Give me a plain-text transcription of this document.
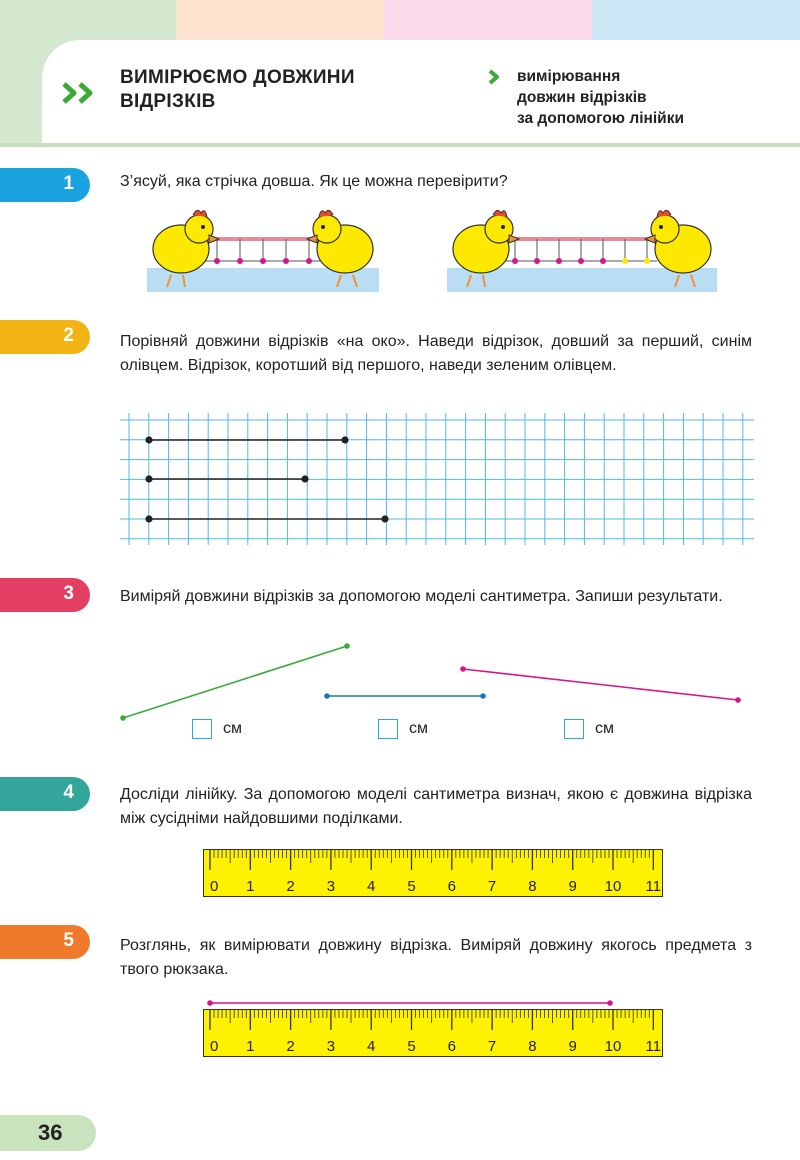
ВИМІРЮЄМО ДОВЖИНИ
ВІДРІЗКІВ
вимірювання
довжин відрізків
за допомогою лінійки
1	З’ясуй, яка стрічка довша. Як це можна перевірити?
2	Порівняй довжини відрізків «на око». Наведи відрізок, довший за перший, синім олівцем. Відрізок, коротший від першого, наведи зеленим олівцем.
3	Виміряй довжини відрізків за допомогою моделі сантиметра. Запиши результати.
см	см	см
4	Досліди лінійку. За допомогою моделі сантиметра визнач, якою є довжина відрізка між сусідніми найдовшими поділками.
0 1 2 3 4 5 6 7 8 9 10 11
5	Розглянь, як вимірювати довжину відрізка. Виміряй довжину якогось предмета з твого рюкзака.
0 1 2 3 4 5 6 7 8 9 10 11
36
